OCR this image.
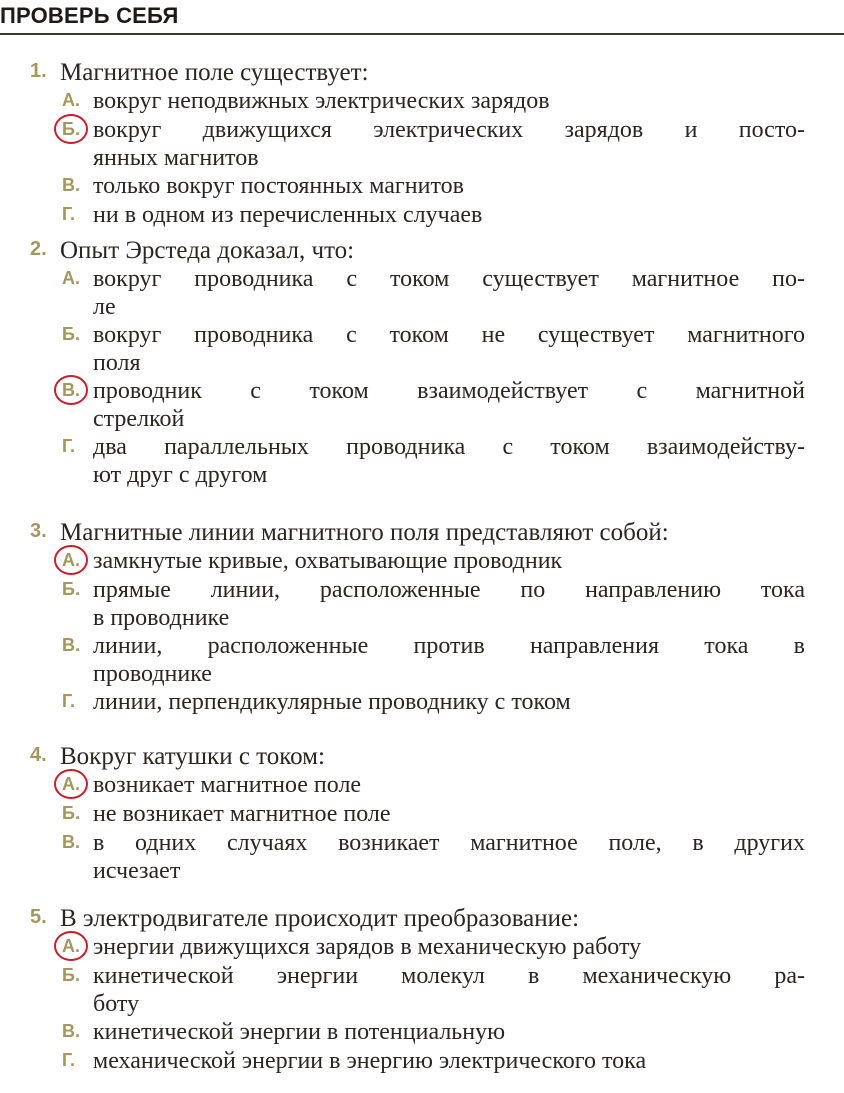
ПРОВЕРЬ СЕБЯ
1. Магнитное поле существует:
А. вокруг неподвижных электрических зарядов
Б. вокруг движущихся электрических зарядов и посто-
янных магнитов
В. только вокруг постоянных магнитов
Г. ни в одном из перечисленных случаев
2. Опыт Эрстеда доказал, что:
А. вокруг проводника с током существует магнитное по-
ле
Б. вокруг проводника с током не существует магнитного
поля
В. проводник с током взаимодействует с магнитной
стрелкой
Г. два параллельных проводника с током взаимодейству-
ют друг с другом
3. Магнитные линии магнитного поля представляют собой:
А. замкнутые кривые, охватывающие проводник
Б. прямые линии, расположенные по направлению тока
в проводнике
В. линии, расположенные против направления тока в
проводнике
Г. линии, перпендикулярные проводнику с током
4. Вокруг катушки с током:
А. возникает магнитное поле
Б. не возникает магнитное поле
В. в одних случаях возникает магнитное поле, в других
исчезает
5. В электродвигателе происходит преобразование:
А. энергии движущихся зарядов в механическую работу
Б. кинетической энергии молекул в механическую ра-
боту
В. кинетической энергии в потенциальную
Г. механической энергии в энергию электрического тока
